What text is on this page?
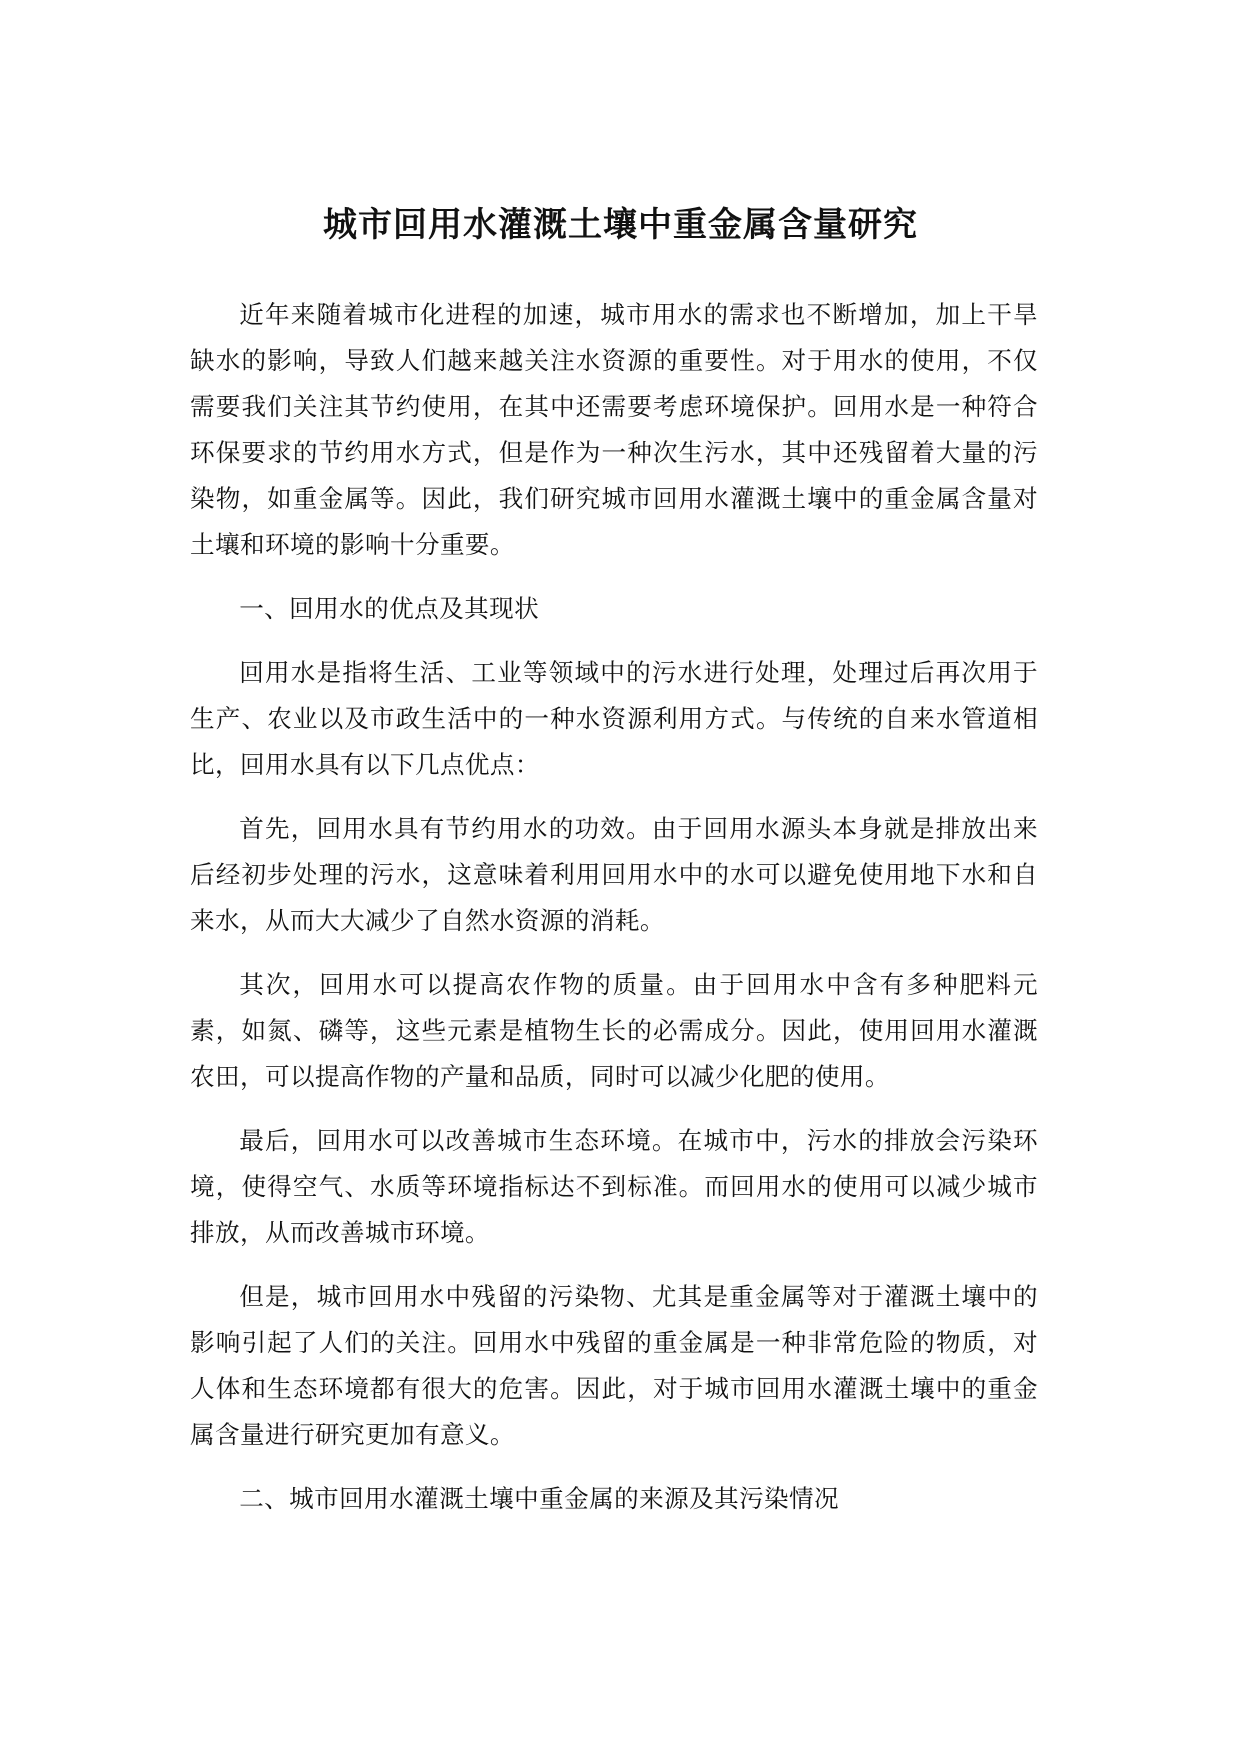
城市回用水灌溉土壤中重金属含量研究

近年来随着城市化进程的加速，城市用水的需求也不断增加，加上干旱缺水的影响，导致人们越来越关注水资源的重要性。对于用水的使用，不仅需要我们关注其节约使用，在其中还需要考虑环境保护。回用水是一种符合环保要求的节约用水方式，但是作为一种次生污水，其中还残留着大量的污染物，如重金属等。因此，我们研究城市回用水灌溉土壤中的重金属含量对土壤和环境的影响十分重要。

一、回用水的优点及其现状

回用水是指将生活、工业等领域中的污水进行处理，处理过后再次用于生产、农业以及市政生活中的一种水资源利用方式。与传统的自来水管道相比，回用水具有以下几点优点：

首先，回用水具有节约用水的功效。由于回用水源头本身就是排放出来后经初步处理的污水，这意味着利用回用水中的水可以避免使用地下水和自来水，从而大大减少了自然水资源的消耗。

其次，回用水可以提高农作物的质量。由于回用水中含有多种肥料元素，如氮、磷等，这些元素是植物生长的必需成分。因此，使用回用水灌溉农田，可以提高作物的产量和品质，同时可以减少化肥的使用。

最后，回用水可以改善城市生态环境。在城市中，污水的排放会污染环境，使得空气、水质等环境指标达不到标准。而回用水的使用可以减少城市排放，从而改善城市环境。

但是，城市回用水中残留的污染物、尤其是重金属等对于灌溉土壤中的影响引起了人们的关注。回用水中残留的重金属是一种非常危险的物质，对人体和生态环境都有很大的危害。因此，对于城市回用水灌溉土壤中的重金属含量进行研究更加有意义。

二、城市回用水灌溉土壤中重金属的来源及其污染情况
